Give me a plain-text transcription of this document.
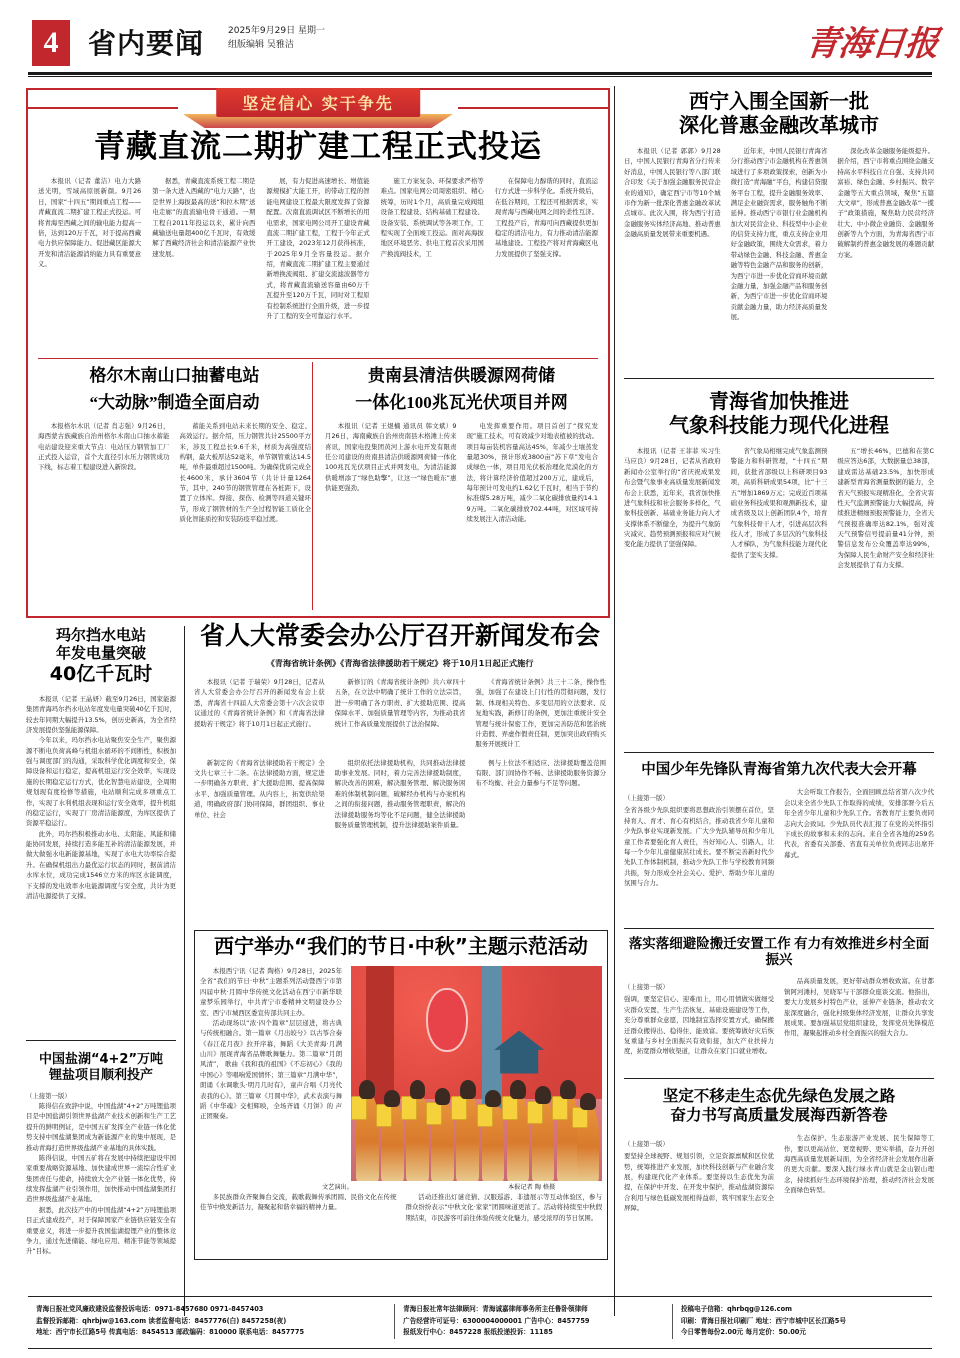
4	省内要闻	2025年9月29日 星期一
组版编辑 吴雅洁	青海日报
坚定信心 实干争先
青藏直流二期扩建工程正式投运
本报讯（记者 董洁）电力大路送光明，雪域高原展新颜。9月26日，国家“十四五”期间重点工程——青藏直流二期扩建工程正式投运。可将青海至西藏之间的输电能力提高一倍，达到120万千瓦，对于提高西藏电力供应保障能力、促进藏区能源大开发和清洁能源消纳能力具有重要意义。
据悉，青藏直流系统工程二期是第一条大进入西藏的“电力天路”，也是世界上海拔最高的送“和拉木期”送电走廊”的直流输电骨干通道。一期工程自2011年投运以来，累计向西藏输送电量超400亿千瓦时，有效缓解了西藏经济社会和清洁能源产业快速发展。
展，有力促进高速增长、增值能源规模扩大能工开，的带动工程的智能电网建设工程最大限度发挥了资源配置。次南直流调试区不断增长的用电需求，国家电网公司开工建设青藏直流二期扩建工程，工程于今年正式开工建设，2023年12月获得核准，于2025年9月全容量投运。据介绍，青藏直流二期扩建工程主要通过新增换流阀组、扩建交流滤波器等方式，将青藏直流输送容量由60万千瓦提升至120万千瓦，同时对工程原有控制系统进行全面升级，进一步提升了工程的安全可靠运行水平。
施工方案复杂、环保要求严格等难点。国家电网公司周密组织、精心统筹，历时1个月，高质量完成阀组设备工程建设、结构基础工程建设、设备安装、系统调试等各项工作，工程实现了全面竣工投运。面对高海拔地区环境恶劣、供电工程首次采用国产换流阀技术，工
在保障电力醇谐的同时，直流运行方式进一步科学化。系统升级后，在低谷期间，工程还可根据需求，实现青海与西藏电网之间的柔性互济。工程投产后，青海可向西藏提供更加稳定的清洁电力，有力推动清洁能源基地建设。工程投产将对青海藏区电力发展提供了坚强支撑。
格尔木南山口抽蓄电站
“大动脉”制造全面启动
本报格尔木讯（记者 肖志强）9月26日，海西蒙古族藏族自治州格尔木南山口抽水蓄能电站建设迎来重大节点：电站压力钢管加工厂正式投入运营，首个大直径引水压力钢管成功下线，标志着工程建设进入新阶段。
蓄能关系到电站未来长期的安全、稳定、高效运行。据介绍，压力钢管共计25500平方米，涉及工程总长9.6千米，材质为高强度结构钢，最大板厚达52毫米，单节钢管重达14.5吨，单件最重超过1500吨。为确保优质完成全长4600米、承计3604节（共计计量1264节，其中，240节的钢管管理在各桩距下，设置了立体库。焊接、探伤、检测等四道关键环节，形成了钢管材的生产全过程智能工质化全质化智能质控和安装防疫平稳过渡。
贵南县清洁供暖源网荷储
一体化100兆瓦光伏项目并网
本报讯（记者 王煜楠 通讯员 韩文斌）9月26日，海南藏族自治州贵南县木格滩上传来喜讯，国家电投集团黄河上游水电开发有限责任公司建设的贵南县清洁供暖源网荷储一体化100兆瓦光伏项目正式并网发电，为清洁能源供暖增添了“绿色助擎”，让这一“绿色暖东”惠供能更强劲。
电发挥重要作用。项目首创了“探究发现”施工技术，可有效减少对地表植被的扰动。项目每亩装机容量高达45%，年减少土壤蒸发量超30%，预计形成3800亩“苏下草”发电合成绿色一体，项目用光伏板治理化荒漠化的方法，将计算经济价值超过200万元，建成后，每年预计可发电约1.62亿千瓦时，相当于节约标准煤5.28万吨，减少二氧化碳排放量约14.19万吨。二氧化碳排放702.44吨，对区域可持续发展注入清洁动能。
玛尔挡水电站
年发电量突破
40亿千瓦时
本报讯（记者 王晶妍）截至9月26日，国家能源集团青海玛尔挡水电站年度发电量突破40亿千瓦时，较去年同期大幅提升13.5%，创历史新高，为全省经济发展提供坚强能源保障。
今年以来，玛尔挡水电站聚焦安全生产，聚焦源源不断电负荷高峰与机组水循环的不间断性，积极加强与调度部门的沟通，采取科学优化调度和安全，保障设备和运行稳定，提高机组运行安全效率，实现设施的长期稳定运行方式，优化智慧电站建设，全周期规划现有度检修等措施，电站顺利完成多项重点工作，实现了水利机组表现和运行安全效率，提升机组的稳定运行，实现了厂房清洁能源度，为库区提供了资源平稳运行。
此外，玛尔挡积极推动水电、太阳能、风能和储能协同发展，持续打造多能互补的清洁能源发展，并做大做强水电新能源基地，实现了水电大功率综合提升。在确保机组出力最优运行状态的同时，据前清洁水库水位，成功完成1546立方米的库区水能调度，下支撑的发电效率水电能源调度与安全度，共计为更清洁电源提供了支撑。
中国盐湖“4+2”万吨
锂盐项目顺利投产
（上接第一版）
陈得信在致辞中说，中国盐湖“4+2”万吨锂盐项目是中国盐湖引领世界盐湖产业技术创新和生产工艺提升的鲜明例证，是中国五矿发挥全产业链一体化优势支持中国盐湖集团成为新能源产业的集中展现，是推动青海打造世界级盐湖产业基地的具体实践。
陈得信说，中国五矿将在发展中持续把建设牢国家重要战略资源基地、加快建成世界一流综合性矿业集团责任与使命，持续放大全产业链一体化优势，持续发挥盐湖产业引领作用，加快推动中国盐湖集团打造世界级盐湖产业基地。
据悉，此次技产中的中国盐湖“4+2”万吨锂盐项目正式建成投产，对于保障国家产业链供应链安全有重要意义，将进一步提升我国盐湖提锂产业的整体竞争力，通过先进储能、绿电应用、精准节能等领域提升“目标。
省人大常委会办公厅召开新闻发布会
《青海省统计条例》《青海省法律援助若干规定》将于10月1日起正式施行
本报讯（记者 于瑞荣）9月28日，记者从省人大常委会办公厅召开的新闻发布会上获悉，青海省十四届人大常委会第十六次会议审议通过的《青海省统计条例》和《青海省法律援助若干规定》将于10月1日起正式施行。
新修订的《青海省统计条例》共六章四十五条，在立法中明确了统计工作的立法宗旨，进一步明确了各方职责、扩大援助范围、提高保障水平、加强质量管理等内容，为推动我省统计工作高质量发展提供了法治保障。
《青海省统计条例》共三十二条，操作性强，加强了在建设上门行性的贯彻问题，发行制、体现相关特色、多变层用的立法要求、反复地实践，新修订的条例，更加注重统计安全管理与统计保密工作，更加完善防范和惩治统计造假、弄虚作假责任制，更加突出政府购买服务开展统计工
新制定的《青海省法律援助若干规定》全文共七章三十二条。在法律援助方面，规定进一步明确各方职责、扩大援助范围、提高保障水平、加强质量管理。从内容上，拓宽供给渠道，明确政府部门协同保障，群团组织、事业单位、社会
组织依托法律援助机构，共同推动法律援助事业发展。同时，着力完善法律援助制度，解决改善的困难，解决服务管理、解决服务困难的体制机制问题，破解经办机构与办案机构之间的衔接问题，推动服务管理职责，解决的法律援助服务均等化不足问题，健全法律援助服务质量管理机制，提升法律援助案件质量。
例与上位法不相适应、法律援助覆盖范围有限、部门间协作不畅、法律援助服务资源分布不均衡、社会力量参与不足等问题。
西宁举办“我们的节日·中秋”主题示范活动
本报西宁讯（记者 陶格）9月28日，2025年全省“我们的节日·中秋”主题系列活动暨西宁市第四届中秋·月圆中华传统文化活动在西宁市新华联童梦乐园举行，中共青宁市委精神文明建设办公室、西宁市城西区委宣传部共同主办。
活动现场以“浓·四个篇章”层层递进，将古典与传统相融合。第一篇章《月出皎兮》以古筝合奏《春江花月夜》拉开序幕，舞蹈《大美青海·月满山川》展现青海省品牌歌舞魅力。第二篇章“月朗风清”， 歌曲《我和我的祖国》《不忘初心》《我的中国心》等唱响爱国情怀；第三篇章“月满中华”，朗诵《水调歌头·明月几时有》，童声合唱《月亮代表我的心》。第三篇章《月圆中华》，武术表演与舞蹈《中华魂》交相辉映，全场齐诵《月饼》的 声正团聚奏。
文艺演出。	本报记者 陶 格摄
多民族群众齐聚舞台交流，载歌载舞传承团圆、民俗文化在传统佳节中焕发新活力，凝聚起和谐幸福的精神力量。
活动还推出灯谜竞猜、汉服巡游、非遗展示等互动体验区，参与群众纷纷表示“中秋文化·家家”团圆味道更浓了。活动将持续至中秋假期结束，市民游客可前往体验传统文化魅力，感受浓厚的节日氛围。
西宁入围全国新一批
深化普惠金融改革城市
本报讯（记者 郭郭）9月28日，中国人民银行青海省分行传来好消息，中国人民银行等八部门联合印发《关于加强金融服务民营企业的通知》，确定西宁市等10个城市作为新一批深化普惠金融改革试点城市。此次入围，将为西宁打造金融服务实体经济高地、推动普惠金融高质量发展带来重要机遇。
近年来，中国人民银行青海省分行推动西宁市金融机构在普惠领域进行了多项政策探索，创新为小微打造“青海融”平台，构建信贷服务平台工程，提升金融服务效率、满足企业融资需求，服务触角不断延伸。推动西宁市银行业金融机构加大对民营企业、科技型中小企业的信贷支持力度，重点支持企业用好金融政策，围绕大众需求，着力带动绿色金融、科技金融、普惠金融等特色金融产品和服务的创新，为西宁市进一步优化营商环境贡献金融力量，加强金融产品和服务创新，为西宁市进一步优化营商环境贡献金融力量，助力经济高质量发展。
深化改革金融服务能级提升。据介绍，西宁市将重点围绕金融支持高水平科技自立自强、支持共同富裕、绿色金融、乡村振兴、数字金融等五大重点领域，聚焦“五篇大文章”，形成普惠金融改革“一揽子”政策措施，聚焦助力民营经济壮大、中小微企业融资、金融服务创新等九个方面，为青海省西宁市破解制约普惠金融发展的难题贡献方案。
青海省加快推进
气象科技能力现代化进程
本报讯（记者 王菲菲 实习生 马应良）9月28日，记者从省政府新闻办公室举行的“省庆祝成果发布会暨气象事业高质量发展新闻发布会上获悉，近年来，我省加快推进气象科技和社会服务多样化，气象科技创新、基础业务能力向人才支撑体系不断健全，为提升气象防灾减灾、趋势预测预报和应对气候变化能力提供了坚强保障。
省气象局相继完成气象监测预警能力和科研管理，“十四五”期间，获批省部级以上科研项目93项，高质科研成果54项，比“十三五”增加1869万元；完成近百项基础业务科技成果和观测新技术，建成省级及以上创新团队4个，培育气象科技骨干人才，引进高层次科技人才，形成了多层次的气象科技人才梯队，为气象科技能力现代化提供了坚实支撑。
五“增长46%，巴德和在第C级应答达6部，大数据量总38部，建成雷达基础23.5%，加快形成建新型青海省测量数据的能力，全省天气预报实现精准化，全省灾害性天气监测预警能力大幅提高，持续推进精细预报预警能力，全省天气预报准确率达82.1%，强对流天气预警信号提前量41分钟，预警信息发布公众覆盖率达99%，为保障人民生命财产安全和经济社会发展提供了有力支撑。
中国少年先锋队青海省第九次代表大会开幕
（上接第一版）
全省各级少先队组织要将思想政治引领摆在首位，坚持育人、育才、育心有机结合，推动我省少年儿童和少先队事业实现新发展。广大少先队辅导员和少年儿童工作者要强化育人责任，当好知心人、引路人，让每一个少年儿童健康茁壮成长。要不断完善新时代少先队工作体制机制，推动少先队工作与学校教育同频共振，努力形成全社会关心、爱护、帮助少年儿童的氛围与合力。
大会听取工作报告，全面回顾总结省第八次少代会以来全省少先队工作取得的成绩，安排部署今后五年全省少年儿童和少先队工作。省教育厅主要负责同志向大会致词。少先队员代表汇报了在党的关怀指引下成长的故事和未来的志向。来自全省各地的259名代表，省委有关部委、省直有关单位负责同志出席开幕式。
落实落细避险搬迁安置工作 有力有效推进乡村全面振兴
（上接第一版）
强调，要坚定信心、迎难而上，用心用情做实做细受灾群众安置、生产生活恢复、基础设施建设等工作，充分尊重群众意愿，因地制宜选择安置方式，确保搬迁群众搬得出、稳得住、能致富。要统筹做好灾后恢复重建与乡村全面振兴有效衔接，加大产业扶持力度，拓宽群众增收渠道，让群众在家门口就业增收。
品高质量发展，更好带动群众增收致富。在甘都镇阿河滩村，吴晓军与干部群众座谈交流。他指出，要大力发展乡村特色产业，延伸产业链条，推动农文旅深度融合，强化村级集体经济发展，让群众共享发展成果。要加强基层党组织建设，发挥党员先锋模范作用，凝聚起推动乡村全面振兴的强大合力。
坚定不移走生态优先绿色发展之路
奋力书写高质量发展海西新答卷
（上接第一版）
要坚持全球视野、规划引领，立足资源禀赋和区位优势，统筹推进产业发展，加快科技创新与产业融合发展，构建现代化产业体系。要坚持以生态优先为前提，在保护中开发、在开发中保护，推动盐湖资源综合利用与绿色低碳发展相得益彰，筑牢国家生态安全屏障。
生态保护、生态旅游产业发展、民生保障等工作，要以更高站位、更宽视野、更实举措，奋力开创海西高质量发展新局面，为全省经济社会发展作出新的更大贡献。要深入践行绿水青山就是金山银山理念，持续抓好生态环境保护治理，推动经济社会发展全面绿色转型。
青海日报社党风廉政建设监督投诉电话：0971-8457680 0971-8457403
监督投诉邮箱：qhrbjw@163.com 读者监督电话：8457776(白) 8457258(夜)
地址：西宁市长江路5号 传真电话：8454513 邮政编码：810000 联系电话：8457775
青海日报社常年法律顾问：青海诚嘉律师事务所主任鲁卧领律师
广告经营许可证号：6300004000001 广告中心：8457759
报纸发行中心：8457228 报纸投递投诉：11185
投稿电子信箱：qhrbqg@126.com
印刷：青海日报社印刷厂 地址：西宁市城中区长江路5号
今日零售每份2.00元 每月定价：50.00元
